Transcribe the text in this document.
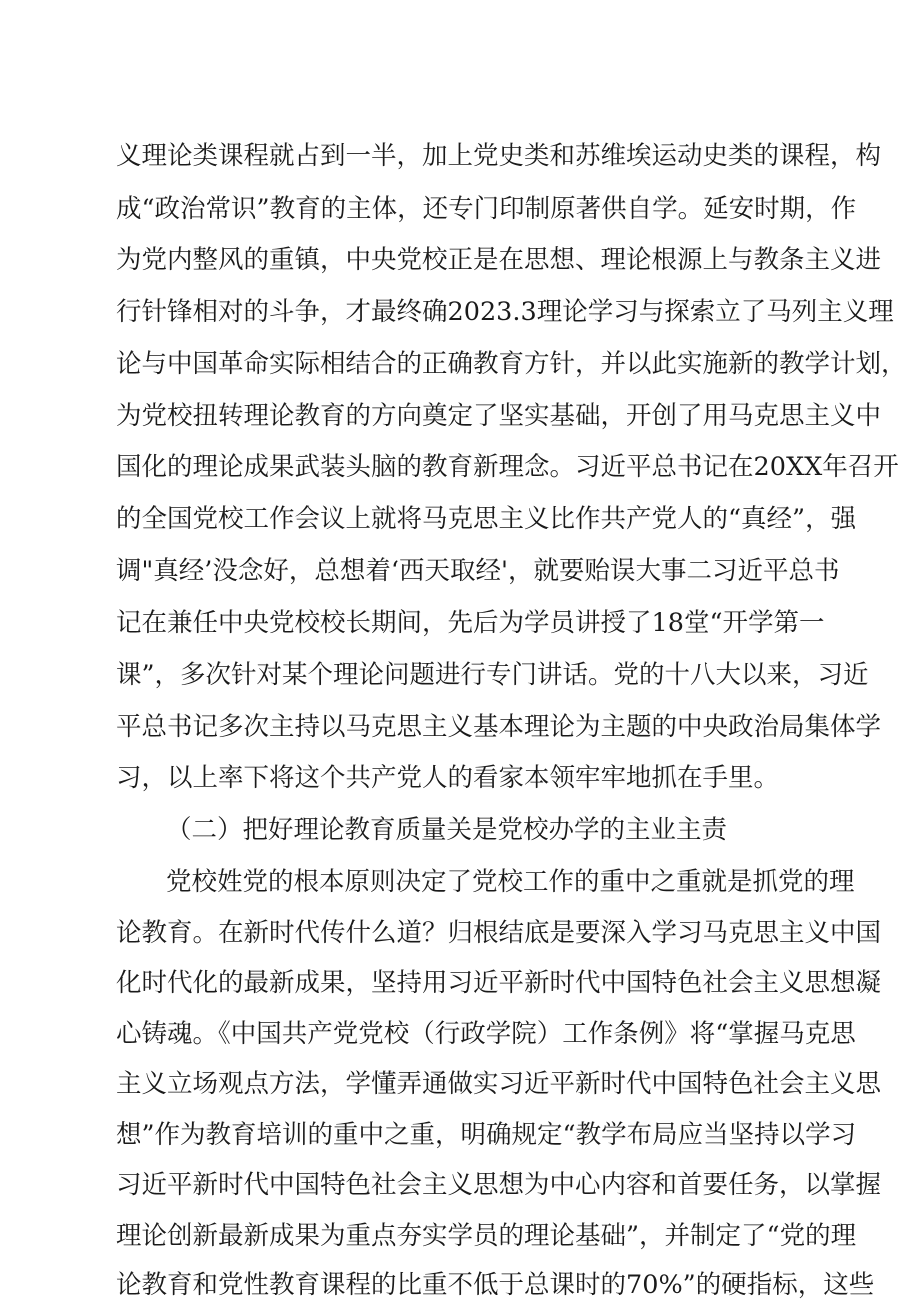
义理论类课程就占到一半，加上党史类和苏维埃运动史类的课程，构
成“政治常识”教育的主体，还专门印制原著供自学。延安时期，作
为党内整风的重镇，中央党校正是在思想、理论根源上与教条主义进
行针锋相对的斗争，才最终确2023.3理论学习与探索立了马列主义理
论与中国革命实际相结合的正确教育方针，并以此实施新的教学计划，
为党校扭转理论教育的方向奠定了坚实基础，开创了用马克思主义中
国化的理论成果武装头脑的教育新理念。习近平总书记在20XX年召开
的全国党校工作会议上就将马克思主义比作共产党人的“真经”，强
调"真经’没念好，总想着‘西天取经'，就要贻误大事二习近平总书
记在兼任中央党校校长期间，先后为学员讲授了18堂“开学第一
课”，多次针对某个理论问题进行专门讲话。党的十八大以来，习近
平总书记多次主持以马克思主义基本理论为主题的中央政治局集体学
习，以上率下将这个共产党人的看家本领牢牢地抓在手里。
（二）把好理论教育质量关是党校办学的主业主责
党校姓党的根本原则决定了党校工作的重中之重就是抓党的理
论教育。在新时代传什么道？归根结底是要深入学习马克思主义中国
化时代化的最新成果，坚持用习近平新时代中国特色社会主义思想凝
心铸魂。《中国共产党党校（行政学院）工作条例》将“掌握马克思
主义立场观点方法，学懂弄通做实习近平新时代中国特色社会主义思
想”作为教育培训的重中之重，明确规定“教学布局应当坚持以学习
习近平新时代中国特色社会主义思想为中心内容和首要任务，以掌握
理论创新最新成果为重点夯实学员的理论基础”，并制定了“党的理
论教育和党性教育课程的比重不低于总课时的70%”的硬指标，这些
